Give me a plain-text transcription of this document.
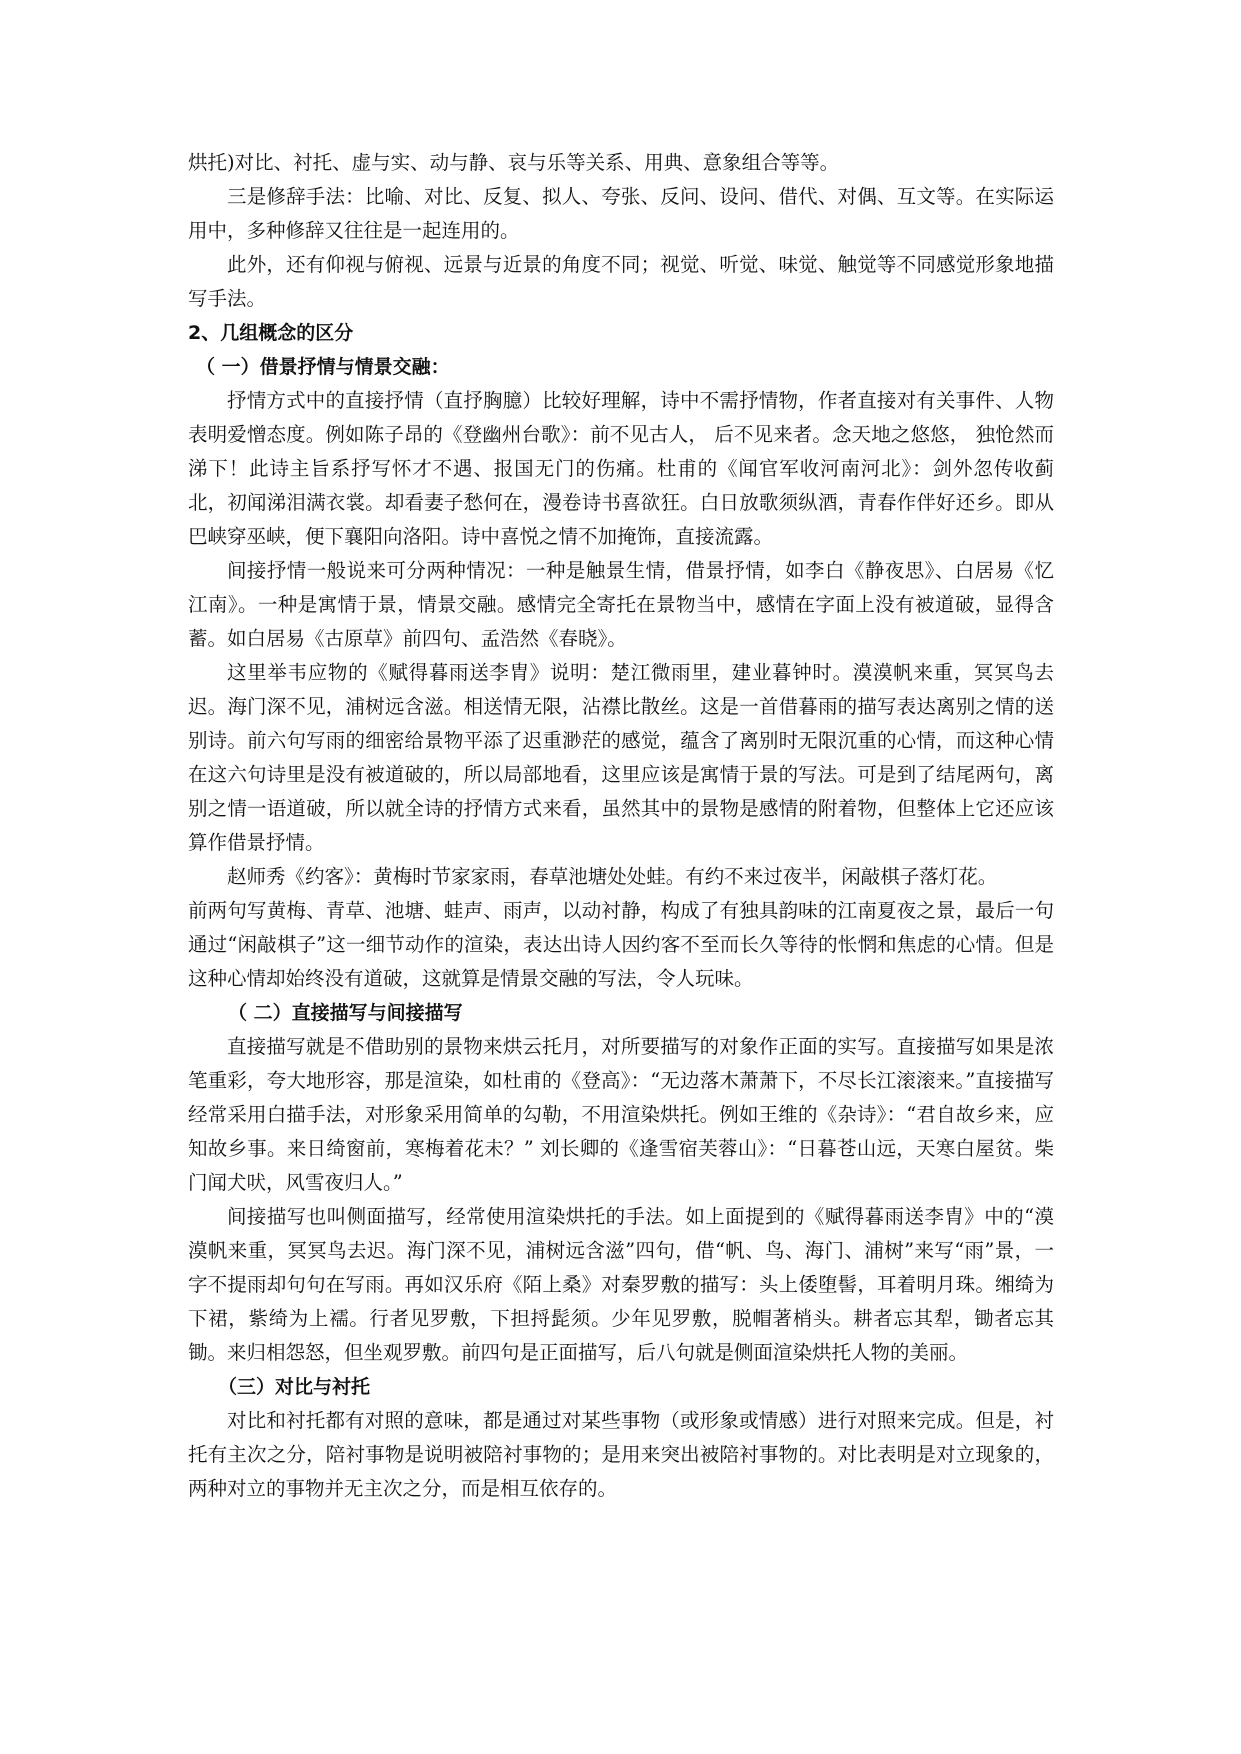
烘托)对比、衬托、虚与实、动与静、哀与乐等关系、用典、意象组合等等。

三是修辞手法：比喻、对比、反复、拟人、夸张、反问、设问、借代、对偶、互文等。在实际运用中，多种修辞又往往是一起连用的。

此外，还有仰视与俯视、远景与近景的角度不同；视觉、听觉、味觉、触觉等不同感觉形象地描写手法。

2、几组概念的区分

（ 一）借景抒情与情景交融：

抒情方式中的直接抒情（直抒胸臆）比较好理解，诗中不需抒情物，作者直接对有关事件、人物表明爱憎态度。例如陈子昂的《登幽州台歌》：前不见古人， 后不见来者。念天地之悠悠， 独怆然而涕下！此诗主旨系抒写怀才不遇、报国无门的伤痛。杜甫的《闻官军收河南河北》：剑外忽传收蓟北，初闻涕泪满衣裳。却看妻子愁何在，漫卷诗书喜欲狂。白日放歌须纵酒，青春作伴好还乡。即从巴峡穿巫峡，便下襄阳向洛阳。诗中喜悦之情不加掩饰，直接流露。

间接抒情一般说来可分两种情况：一种是触景生情，借景抒情，如李白《静夜思》、白居易《忆江南》。一种是寓情于景，情景交融。感情完全寄托在景物当中，感情在字面上没有被道破，显得含蓄。如白居易《古原草》前四句、孟浩然《春晓》。

这里举韦应物的《赋得暮雨送李胄》说明：楚江微雨里，建业暮钟时。漠漠帆来重，冥冥鸟去迟。海门深不见，浦树远含滋。相送情无限，沾襟比散丝。这是一首借暮雨的描写表达离别之情的送别诗。前六句写雨的细密给景物平添了迟重渺茫的感觉，蕴含了离别时无限沉重的心情，而这种心情在这六句诗里是没有被道破的，所以局部地看，这里应该是寓情于景的写法。可是到了结尾两句，离别之情一语道破，所以就全诗的抒情方式来看，虽然其中的景物是感情的附着物，但整体上它还应该算作借景抒情。

赵师秀《约客》：黄梅时节家家雨，春草池塘处处蛙。有约不来过夜半，闲敲棋子落灯花。

前两句写黄梅、青草、池塘、蛙声、雨声，以动衬静，构成了有独具韵味的江南夏夜之景，最后一句通过“闲敲棋子”这一细节动作的渲染，表达出诗人因约客不至而长久等待的怅惘和焦虑的心情。但是这种心情却始终没有道破，这就算是情景交融的写法，令人玩味。

（ 二）直接描写与间接描写

直接描写就是不借助别的景物来烘云托月，对所要描写的对象作正面的实写。直接描写如果是浓笔重彩，夸大地形容，那是渲染，如杜甫的《登高》：“无边落木萧萧下，不尽长江滚滚来。”直接描写经常采用白描手法，对形象采用简单的勾勒，不用渲染烘托。例如王维的《杂诗》：“君自故乡来，应知故乡事。来日绮窗前，寒梅着花未？” 刘长卿的《逢雪宿芙蓉山》：“日暮苍山远，天寒白屋贫。柴门闻犬吠，风雪夜归人。”

间接描写也叫侧面描写，经常使用渲染烘托的手法。如上面提到的《赋得暮雨送李胄》中的“漠漠帆来重，冥冥鸟去迟。海门深不见，浦树远含滋”四句，借“帆、鸟、海门、浦树”来写“雨”景，一字不提雨却句句在写雨。再如汉乐府《陌上桑》对秦罗敷的描写：头上倭堕髻，耳着明月珠。缃绮为下裙，紫绮为上襦。行者见罗敷，下担捋髭须。少年见罗敷，脱帽著梢头。耕者忘其犁，锄者忘其锄。来归相怨怒，但坐观罗敷。前四句是正面描写，后八句就是侧面渲染烘托人物的美丽。

（三）对比与衬托

对比和衬托都有对照的意味，都是通过对某些事物（或形象或情感）进行对照来完成。但是，衬托有主次之分，陪衬事物是说明被陪衬事物的；是用来突出被陪衬事物的。对比表明是对立现象的，两种对立的事物并无主次之分，而是相互依存的。
